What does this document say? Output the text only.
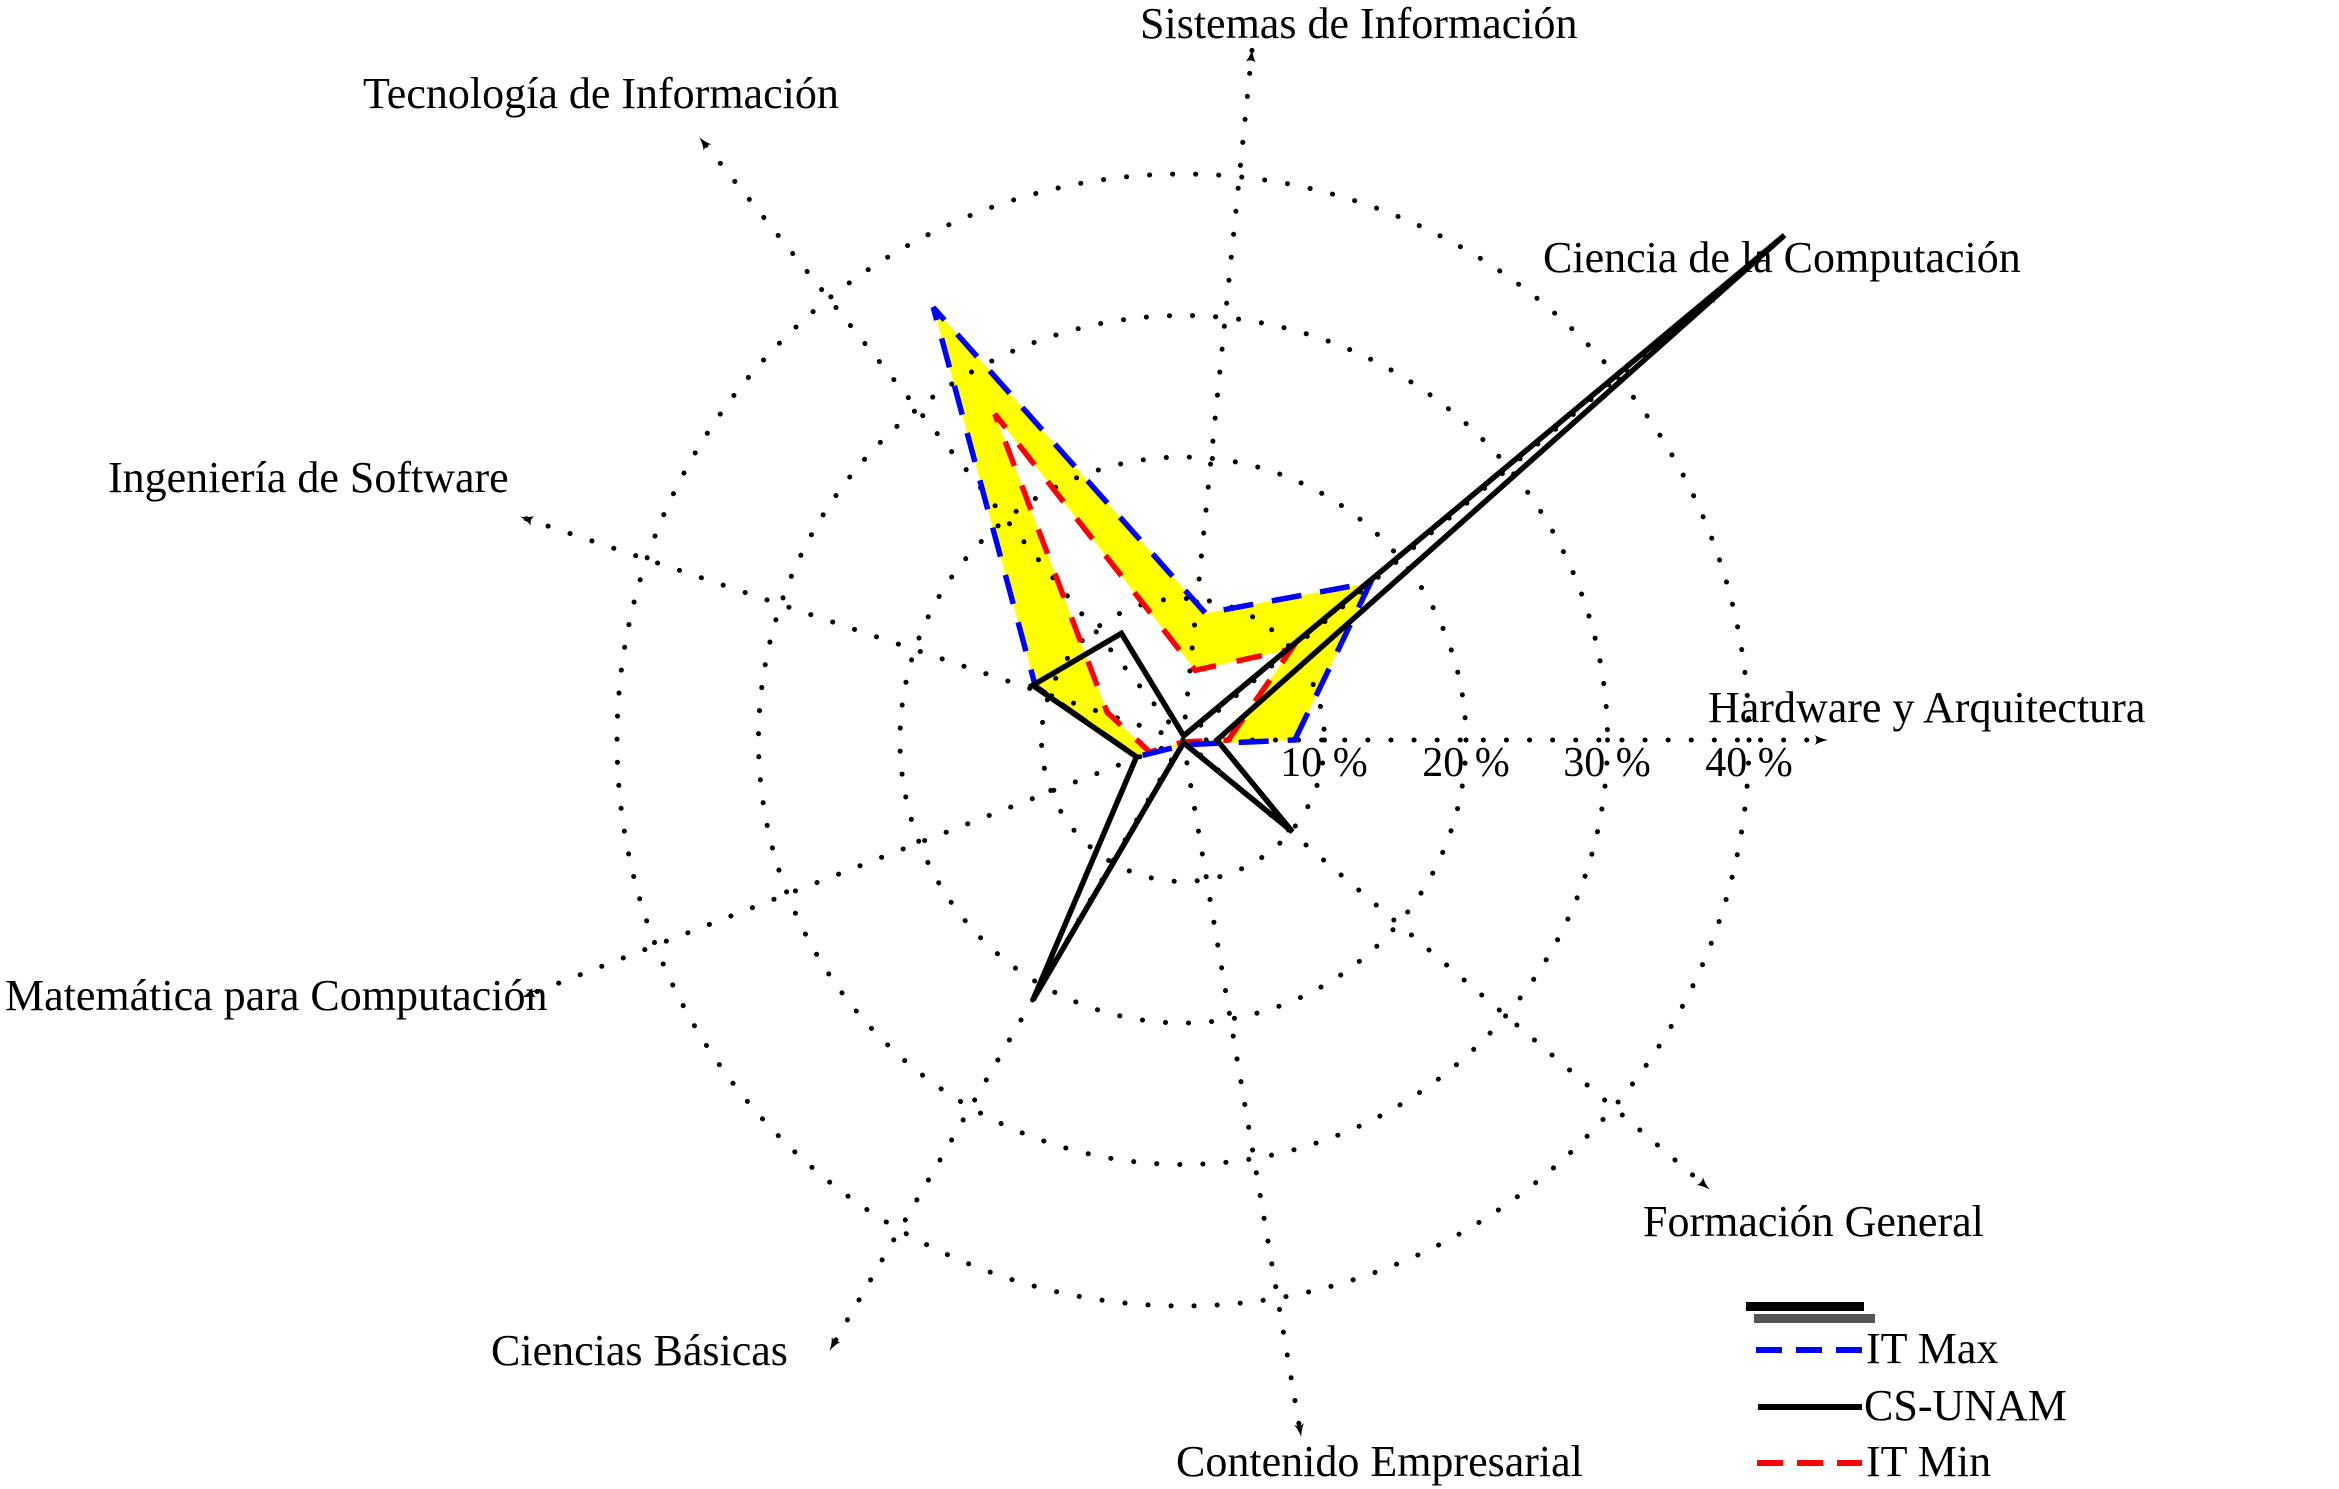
10 % 20 % 30 % 40 %
Hardware y Arquitectura
Ciencia de la Computación
Sistemas de Información
Tecnología de Información
Ingeniería de Software
Matemática para Computación
Ciencias Básicas
Contenido Empresarial
Formación General
IT Max
CS-UNAM
IT Min
